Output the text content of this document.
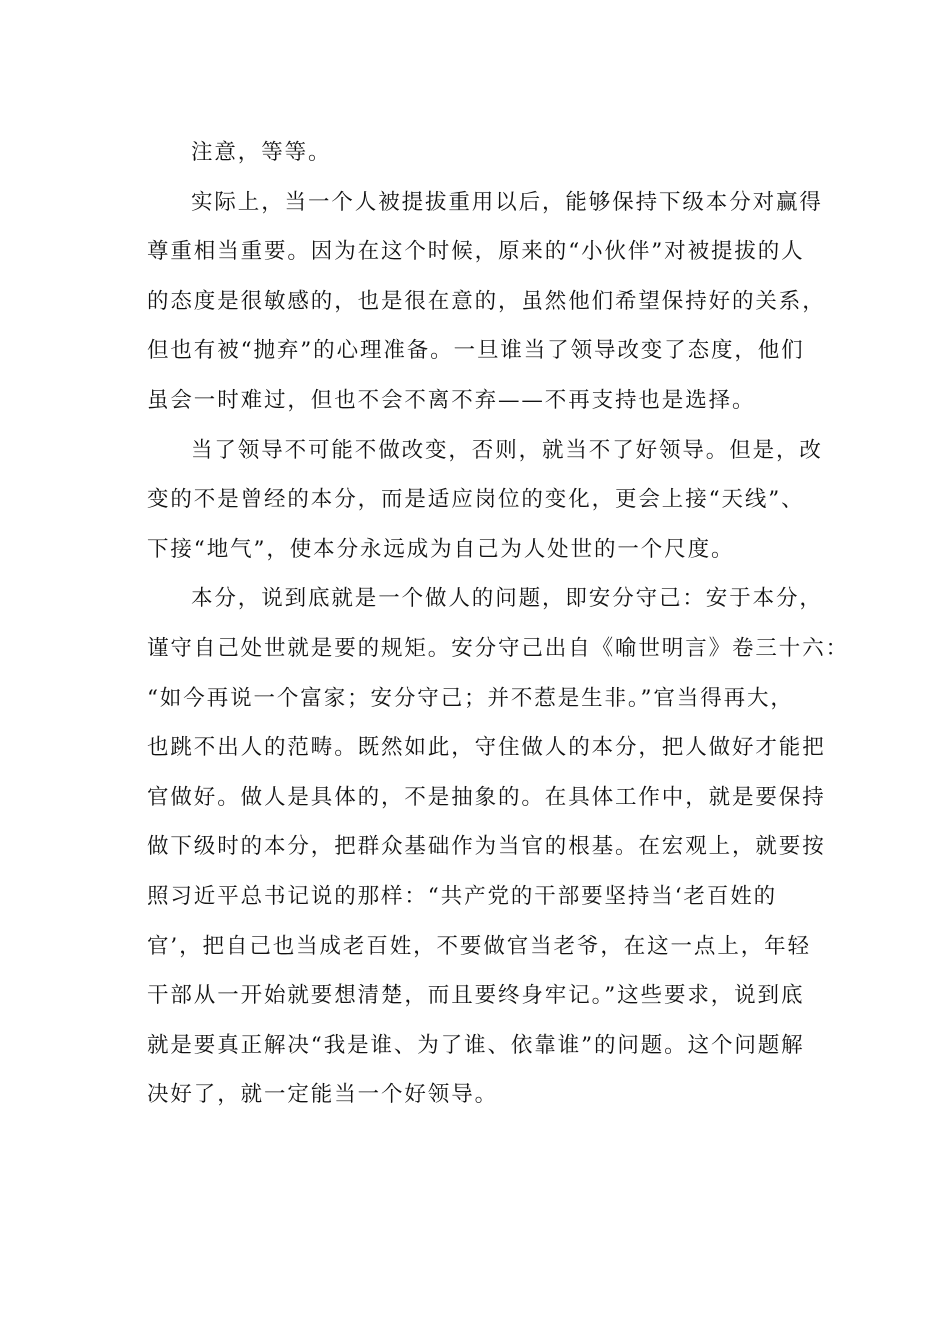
注意，等等。
实际上，当一个人被提拔重用以后，能够保持下级本分对赢得
尊重相当重要。因为在这个时候，原来的“小伙伴”对被提拔的人
的态度是很敏感的，也是很在意的，虽然他们希望保持好的关系，
但也有被“抛弃”的心理准备。一旦谁当了领导改变了态度，他们
虽会一时难过，但也不会不离不弃——不再支持也是选择。
当了领导不可能不做改变，否则，就当不了好领导。但是，改
变的不是曾经的本分，而是适应岗位的变化，更会上接“天线”、
下接“地气”，使本分永远成为自己为人处世的一个尺度。
本分，说到底就是一个做人的问题，即安分守己：安于本分，
谨守自己处世就是要的规矩。安分守己出自《喻世明言》卷三十六：
“如今再说一个富家；安分守己；并不惹是生非。”官当得再大，
也跳不出人的范畴。既然如此，守住做人的本分，把人做好才能把
官做好。做人是具体的，不是抽象的。在具体工作中，就是要保持
做下级时的本分，把群众基础作为当官的根基。在宏观上，就要按
照习近平总书记说的那样：“共产党的干部要坚持当‘老百姓的
官’，把自己也当成老百姓，不要做官当老爷，在这一点上，年轻
干部从一开始就要想清楚，而且要终身牢记。”这些要求，说到底
就是要真正解决“我是谁、为了谁、依靠谁”的问题。这个问题解
决好了，就一定能当一个好领导。
